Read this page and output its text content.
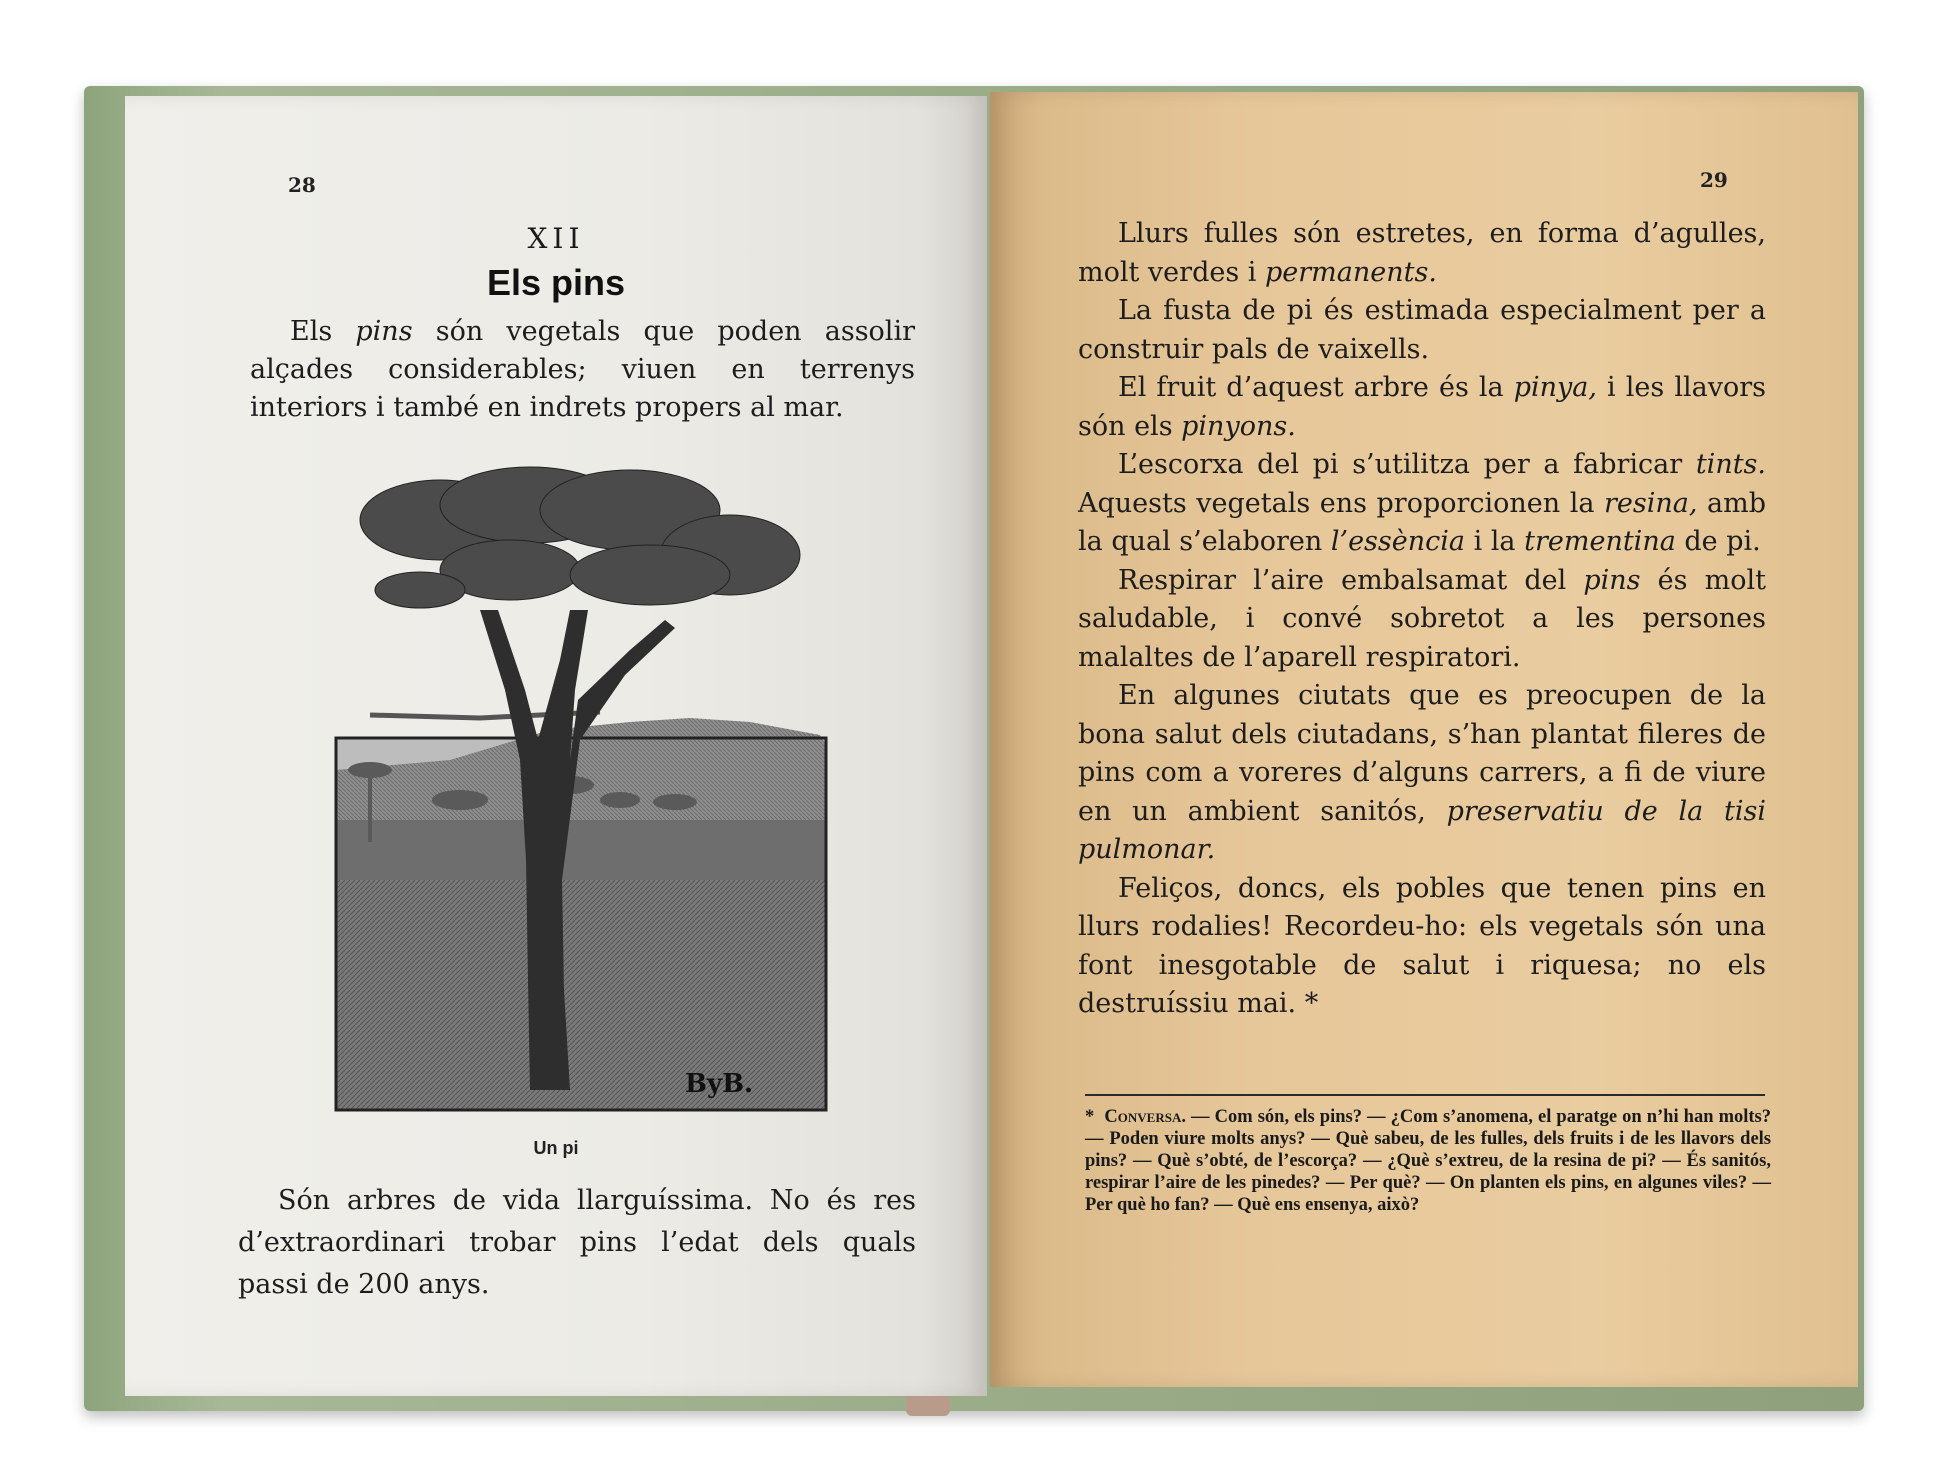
28
XII
Els pins

Els pins són vegetals que poden assolir alçades considerables; viuen en terrenys interiors i també en indrets propers al mar.

ByB.
Un pi

Són arbres de vida llarguíssima. No és res d’extraordinari trobar pins l’edat dels quals passi de 200 anys.

29

Llurs fulles són estretes, en forma d’agulles, molt verdes i permanents.

La fusta de pi és estimada especialment per a construir pals de vaixells.

El fruit d’aquest arbre és la pinya, i les llavors són els pinyons.

L’escorxa del pi s’utilitza per a fabricar tints. Aquests vegetals ens proporcionen la resina, amb la qual s’elaboren l’essència i la trementina de pi.

Respirar l’aire embalsamat del pins és molt saludable, i convé sobretot a les persones malaltes de l’aparell respiratori.

En algunes ciutats que es preocupen de la bona salut dels ciutadans, s’han plantat fileres de pins com a voreres d’alguns carrers, a fi de viure en un ambient sanitós, preservatiu de la tisi pulmonar.

Feliços, doncs, els pobles que tenen pins en llurs rodalies! Recordeu-ho: els vegetals són una font inesgotable de salut i riquesa; no els destruíssiu mai. *

* Conversa. — Com són, els pins? — ¿Com s’anomena, el paratge on n’hi han molts? — Poden viure molts anys? — Què sabeu, de les fulles, dels fruits i de les llavors dels pins? — Què s’obté, de l’escorça? — ¿Què s’extreu, de la resina de pi? — És sanitós, respirar l’aire de les pinedes? — Per què? — On planten els pins, en algunes viles? — Per què ho fan? — Què ens ensenya, això?
